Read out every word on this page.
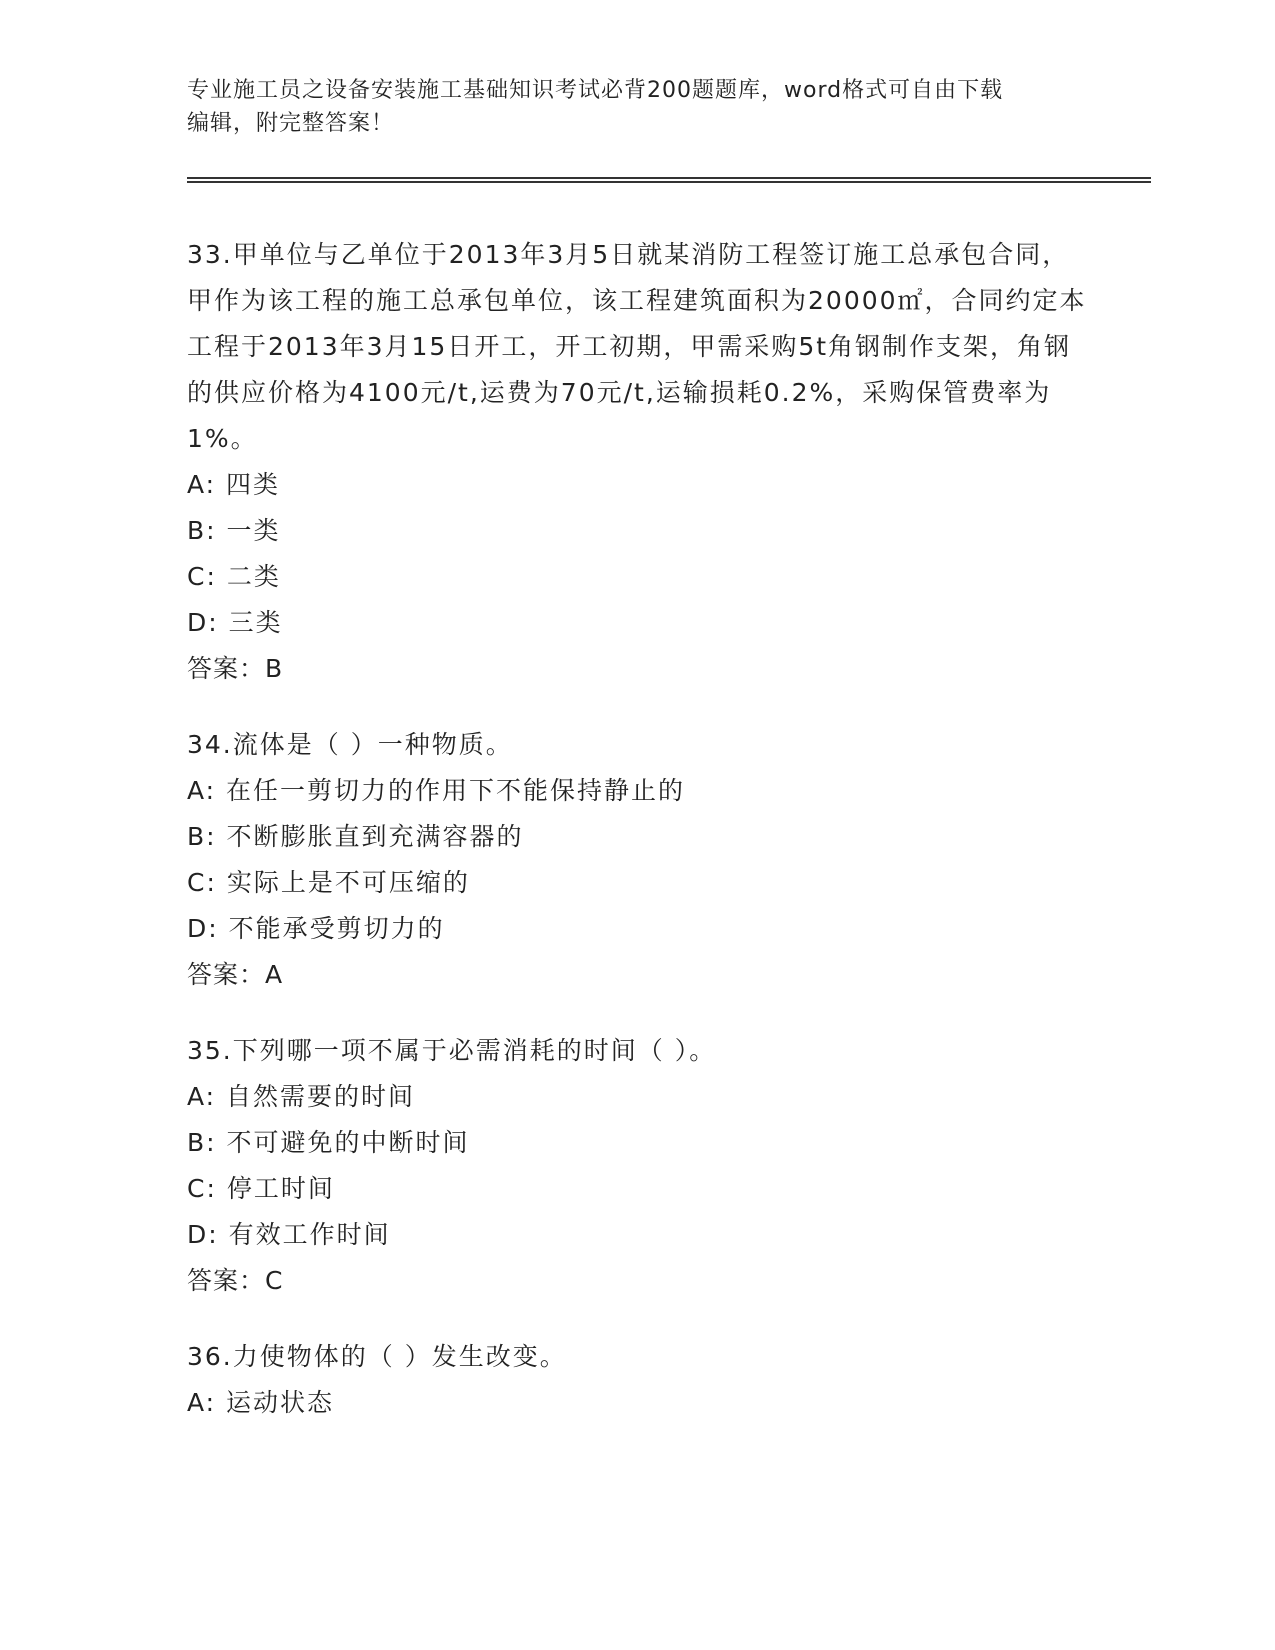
专业施工员之设备安装施工基础知识考试必背200题题库，word格式可自由下载
编辑，附完整答案！
33.甲单位与乙单位于2013年3月5日就某消防工程签订施工总承包合同，甲作为该工程的施工总承包单位，该工程建筑面积为20000㎡，合同约定本工程于2013年3月15日开工，开工初期，甲需采购5t角钢制作支架，角钢的供应价格为4100元/t,运费为70元/t,运输损耗0.2%，采购保管费率为1%。
A: 四类
B: 一类
C: 二类
D: 三类
答案：B
34.流体是（ ）一种物质。
A: 在任一剪切力的作用下不能保持静止的
B: 不断膨胀直到充满容器的
C: 实际上是不可压缩的
D: 不能承受剪切力的
答案：A
35.下列哪一项不属于必需消耗的时间（ ）。
A: 自然需要的时间
B: 不可避免的中断时间
C: 停工时间
D: 有效工作时间
答案：C
36.力使物体的（ ）发生改变。
A: 运动状态
